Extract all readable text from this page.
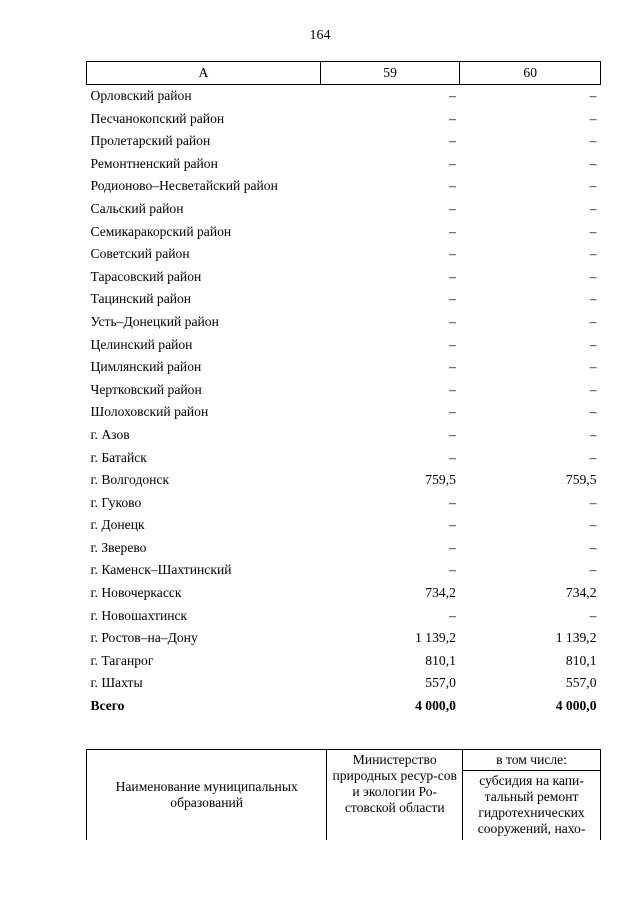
164
А	59	60
Орловский район	–	–
Песчанокопский район	–	–
Пролетарский район	–	–
Ремонтненский район	–	–
Родионово–Несветайский район	–	–
Сальский район	–	–
Семикаракорский район	–	–
Советский район	–	–
Тарасовский район	–	–
Тацинский район	–	–
Усть–Донецкий район	–	–
Целинский район	–	–
Цимлянский район	–	–
Чертковский район	–	–
Шолоховский район	–	–
г. Азов	–	–
г. Батайск	–	–
г. Волгодонск	759,5	759,5
г. Гуково	–	–
г. Донецк	–	–
г. Зверево	–	–
г. Каменск–Шахтинский	–	–
г. Новочеркасск	734,2	734,2
г. Новошахтинск	–	–
г. Ростов–на–Дону	1 139,2	1 139,2
г. Таганрог	810,1	810,1
г. Шахты	557,0	557,0
Всего	4 000,0	4 000,0
Наименование муниципальных образований	Министерство природных ресур-сов и экологии Ро-стовской области	в том числе:
субсидия на капи-тальный ремонт гидротехнических сооружений, нахо-
